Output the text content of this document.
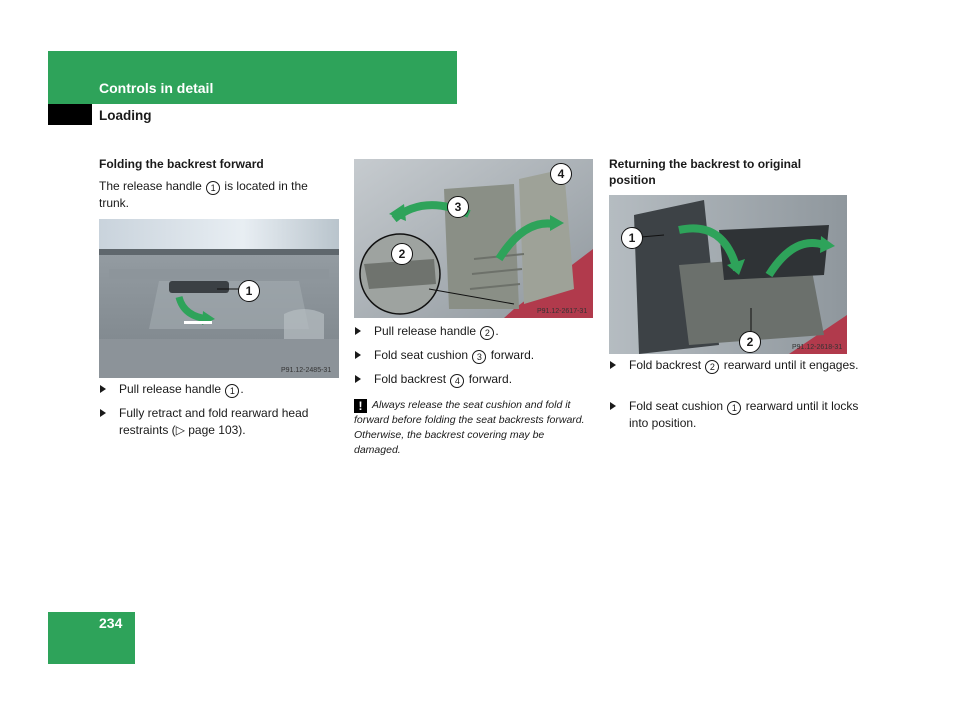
Controls in detail
Loading
Folding the backrest forward
The release handle 1 is located in the trunk.
1
P91.12-2485-31
Pull release handle 1 .
Fully retract and fold rearward head restraints (▷ page 103).
2
3
4
P91.12-2617-31
Pull release handle 2 .
Fold seat cushion 3 forward.
Fold backrest 4 forward.
! Always release the seat cushion and fold it forward before folding the seat backrests forward. Otherwise, the backrest covering may be damaged.
Returning the backrest to original position
1
2	P91.12-2618-31
Fold backrest 2 rearward until it engages.
Fold seat cushion 1 rearward until it locks into position.
234
